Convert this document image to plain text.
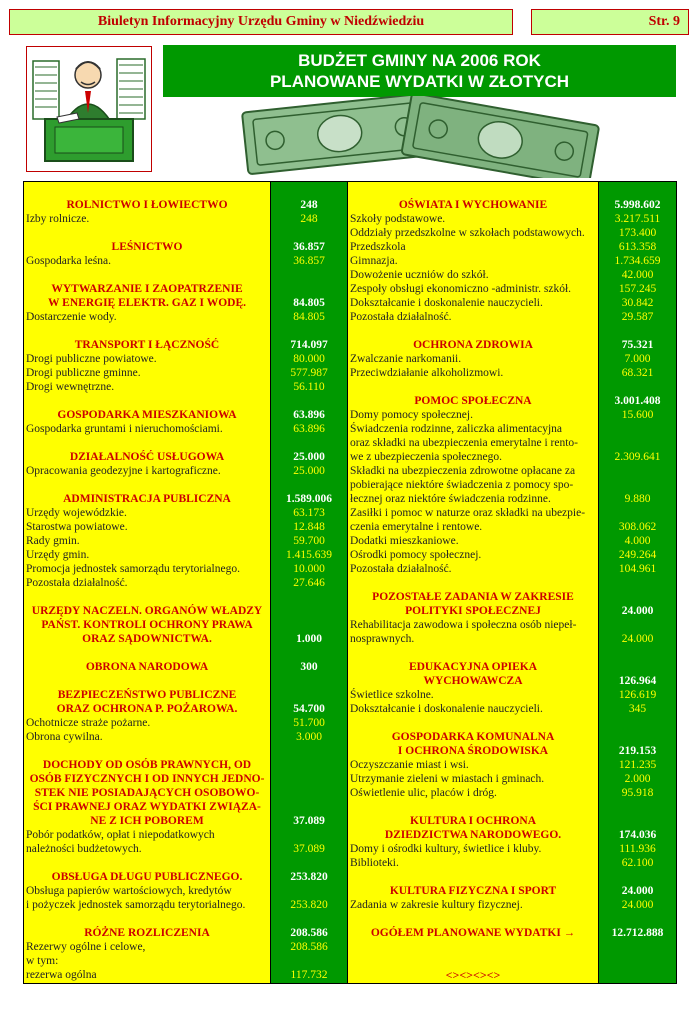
Biuletyn Informacyjny Urzędu Gminy w Niedźwiedziu	Str. 9
BUDŻET GMINY NA 2006 ROK
PLANOWANE WYDATKI W ZŁOTYCH
ROLNICTWO I ŁOWIECTWO
Izby rolnicze.
LEŚNICTWO
Gospodarka leśna.
WYTWARZANIE I ZAOPATRZENIE
W ENERGIĘ ELEKTR. GAZ I WODĘ.
Dostarczenie wody.
TRANSPORT I ŁĄCZNOŚĆ
Drogi publiczne powiatowe.
Drogi publiczne gminne.
Drogi wewnętrzne.
GOSPODARKA MIESZKANIOWA
Gospodarka gruntami i nieruchomościami.
DZIAŁALNOŚĆ USŁUGOWA
Opracowania geodezyjne i kartograficzne.
ADMINISTRACJA PUBLICZNA
Urzędy wojewódzkie.
Starostwa powiatowe.
Rady gmin.
Urzędy gmin.
Promocja jednostek samorządu terytorialnego.
Pozostała działalność.
URZĘDY NACZELN. ORGANÓW WŁADZY
PAŃST. KONTROLI OCHRONY PRAWA
ORAZ SĄDOWNICTWA.
OBRONA NARODOWA
BEZPIECZEŃSTWO PUBLICZNE
ORAZ OCHRONA P. POŻAROWA.
Ochotnicze straże pożarne.
Obrona cywilna.
DOCHODY OD OSÓB PRAWNYCH, OD
OSÓB FIZYCZNYCH I OD INNYCH JEDNO-
STEK NIE POSIADAJĄCYCH OSOBOWO-
ŚCI PRAWNEJ ORAZ WYDATKI ZWIĄZA-
NE Z ICH POBOREM
Pobór podatków, opłat i niepodatkowych
należności budżetowych.
OBSŁUGA DŁUGU PUBLICZNEGO.
Obsługa papierów wartościowych, kredytów
i pożyczek jednostek samorządu terytorialnego.
RÓŻNE ROZLICZENIA
Rezerwy ogólne i celowe,
w tym:
rezerwa ogólna
248
248
36.857
36.857
84.805
84.805
714.097
80.000
577.987
56.110
63.896
63.896
25.000
25.000
1.589.006
63.173
12.848
59.700
1.415.639
10.000
27.646
1.000
300
54.700
51.700
3.000
37.089
37.089
253.820
253.820
208.586
208.586
117.732
OŚWIATA I WYCHOWANIE
Szkoły podstawowe.
Oddziały przedszkolne w szkołach podstawowych.
Przedszkola
Gimnazja.
Dowożenie uczniów do szkół.
Zespoły obsługi ekonomiczno -administr. szkół.
Dokształcanie i doskonalenie nauczycieli.
Pozostała działalność.
OCHRONA ZDROWIA
Zwalczanie narkomanii.
Przeciwdziałanie alkoholizmowi.
POMOC SPOŁECZNA
Domy pomocy społecznej.
Świadczenia rodzinne, zaliczka alimentacyjna
oraz składki na ubezpieczenia emerytalne i rento-
we z ubezpieczenia społecznego.
Składki na ubezpieczenia zdrowotne opłacane za
pobierające niektóre świadczenia z pomocy spo-
łecznej oraz niektóre świadczenia rodzinne.
Zasiłki i pomoc w naturze oraz składki na ubezpie-
czenia emerytalne i rentowe.
Dodatki mieszkaniowe.
Ośrodki pomocy społecznej.
Pozostała działalność.
POZOSTAŁE ZADANIA W ZAKRESIE
POLITYKI SPOŁECZNEJ
Rehabilitacja zawodowa i społeczna osób niepeł-
nosprawnych.
EDUKACYJNA OPIEKA
WYCHOWAWCZA
Świetlice szkolne.
Dokształcanie i doskonalenie nauczycieli.
GOSPODARKA KOMUNALNA
I OCHRONA ŚRODOWISKA
Oczyszczanie miast i wsi.
Utrzymanie zieleni w miastach i gminach.
Oświetlenie ulic, placów i dróg.
KULTURA I OCHRONA
DZIEDZICTWA NARODOWEGO.
Domy i ośrodki kultury, świetlice i kluby.
Biblioteki.
KULTURA FIZYCZNA I SPORT
Zadania w zakresie kultury fizycznej.
OGÓŁEM PLANOWANE WYDATKI →
<><><><>
5.998.602
3.217.511
173.400
613.358
1.734.659
42.000
157.245
30.842
29.587
75.321
7.000
68.321
3.001.408
15.600
2.309.641
9.880
308.062
4.000
249.264
104.961
24.000
24.000
126.964
126.619
345
219.153
121.235
2.000
95.918
174.036
111.936
62.100
24.000
24.000
12.712.888
